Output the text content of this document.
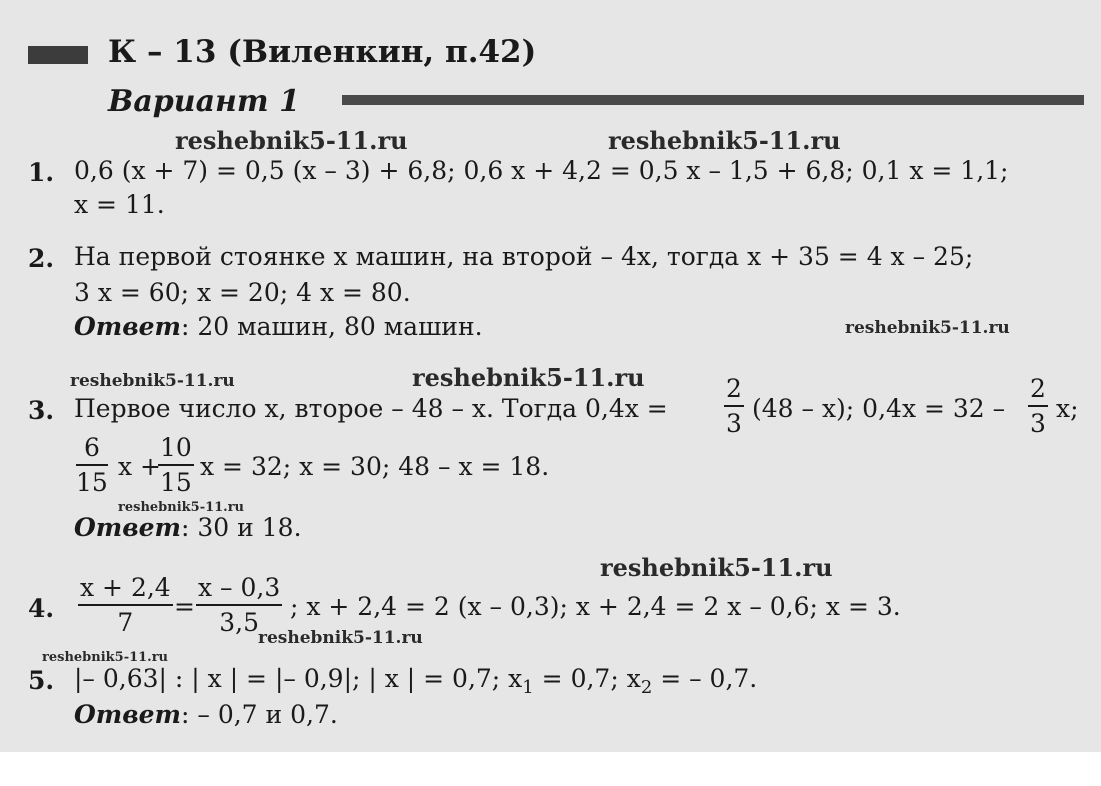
К – 13 (Виленкин, п.42)
Вариант 1
reshebnik5-11.ru	reshebnik5-11.ru
reshebnik5-11.ru
reshebnik5-11.ru	reshebnik5-11.ru
reshebnik5-11.ru
reshebnik5-11.ru
reshebnik5-11.ru
reshebnik5-11.ru
1. 0,6 (x + 7) = 0,5 (x – 3) + 6,8; 0,6 x + 4,2 = 0,5 x – 1,5 + 6,8; 0,1 x = 1,1;
x = 11.
2. На первой стоянке x машин, на второй – 4x, тогда x + 35 = 4 x – 25;
3 x = 60; x = 20; 4 x = 80.
Ответ: 20 машин, 80 машин.
3. Первое число x, второе – 48 – x. Тогда $0,4x = \frac{2}{3} (48 - x)$; $0,4x = 32 - \frac{2}{3} x$;
$\frac{6}{15}$ x +
$\frac{10}{15}$ x = 32; x = 30; 48 – x = 18.
Ответ: 30 и 18.
4. $\frac{x + 2,4}{7} = \frac{x - 0,3}{3,5}$ ; x + 2,4 = 2 (x – 0,3); x + 2,4 = 2 x – 0,6; x = 3.
5. |– 0,63| : | x | = |– 0,9|; | x | = 0,7; $x_1 = 0,7$; $x_2$ = – 0,7.
Ответ: – 0,7 и 0,7.
